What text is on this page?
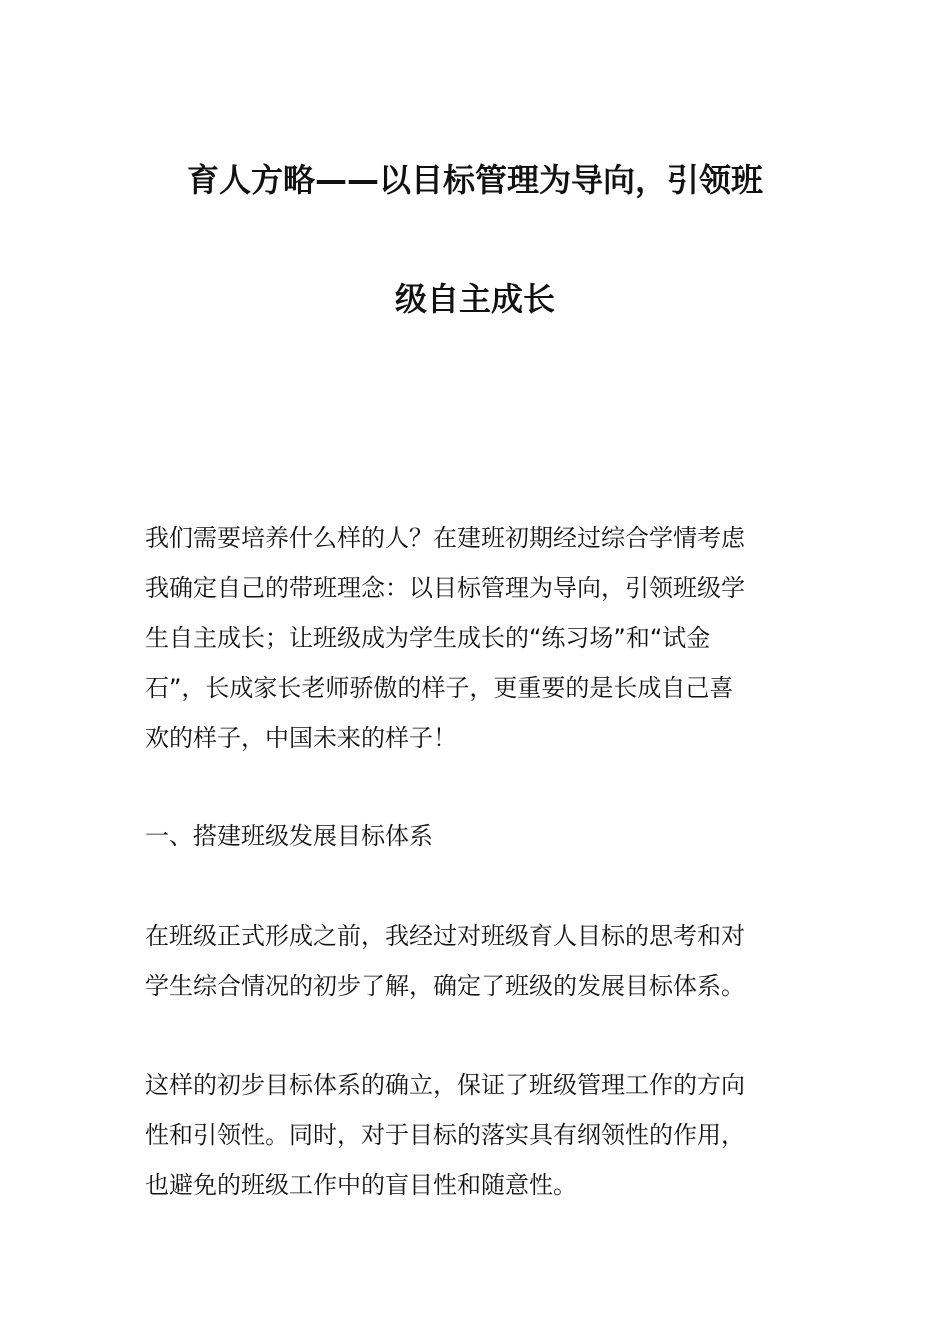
育人方略——以目标管理为导向，引领班
级自主成长

我们需要培养什么样的人？在建班初期经过综合学情考虑
我确定自己的带班理念：以目标管理为导向，引领班级学
生自主成长；让班级成为学生成长的“练习场”和“试金
石”，长成家长老师骄傲的样子，更重要的是长成自己喜
欢的样子，中国未来的样子！

一、搭建班级发展目标体系

在班级正式形成之前，我经过对班级育人目标的思考和对
学生综合情况的初步了解，确定了班级的发展目标体系。

这样的初步目标体系的确立，保证了班级管理工作的方向
性和引领性。同时，对于目标的落实具有纲领性的作用，
也避免的班级工作中的盲目性和随意性。
